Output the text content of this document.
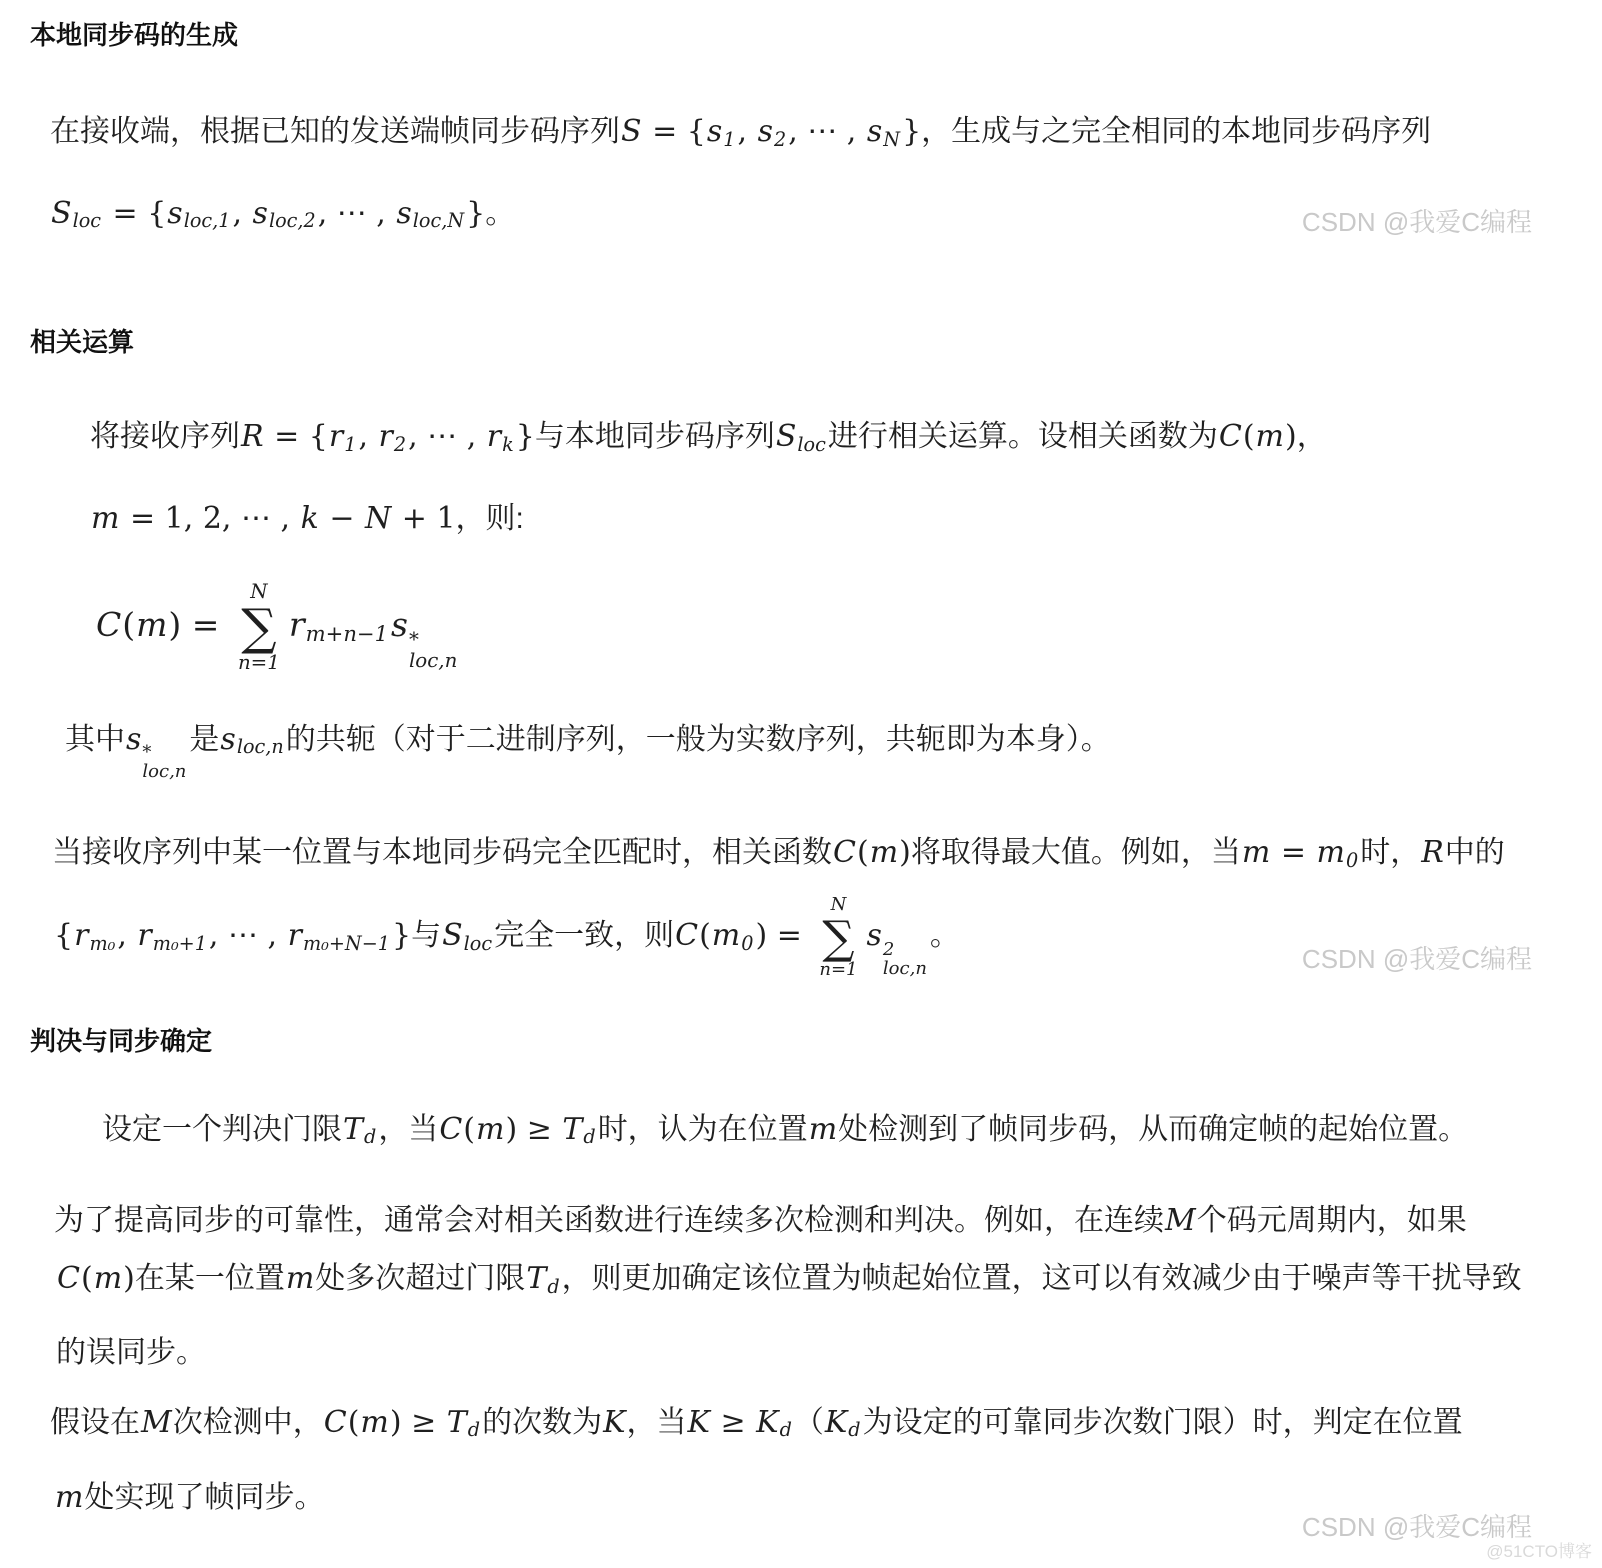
本地同步码的生成
在接收端，根据已知的发送端帧同步码序列S = {s1, s2, ⋯ , sN}，生成与之完全相同的本地同步码序列
Sloc = {sloc,1, sloc,2, ⋯ , sloc,N}。	CSDN @我爱C编程
相关运算
将接收序列R = {r1, r2, ⋯ , rk}与本地同步码序列Sloc进行相关运算。设相关函数为C(m)，
m = 1, 2, ⋯ , k − N + 1，则:
C(m) =
N
∑
n=1
rm+n−1s *
loc,n
其中s *
loc,n
是sloc,n的共轭（对于二进制序列，一般为实数序列，共轭即为本身）。
当接收序列中某一位置与本地同步码完全匹配时，相关函数C(m)将取得最大值。例如，当m = m0时，R中的
{rm₀, rm₀+1, ⋯ , rm₀+N−1}与Sloc完全一致，则C(m0) =
N
∑
n=1
s 2
loc,n
。
CSDN @我爱C编程
判决与同步确定
设定一个判决门限Td，当C(m) ≥ Td时，认为在位置m处检测到了帧同步码，从而确定帧的起始位置。
为了提高同步的可靠性，通常会对相关函数进行连续多次检测和判决。例如，在连续M个码元周期内，如果
C(m)在某一位置m处多次超过门限Td，则更加确定该位置为帧起始位置，这可以有效减少由于噪声等干扰导致
的误同步。
假设在M次检测中，C(m) ≥ Td的次数为K，当K ≥ Kd（Kd为设定的可靠同步次数门限）时，判定在位置
m处实现了帧同步。
CSDN @我爱C编程
@51CTO博客
